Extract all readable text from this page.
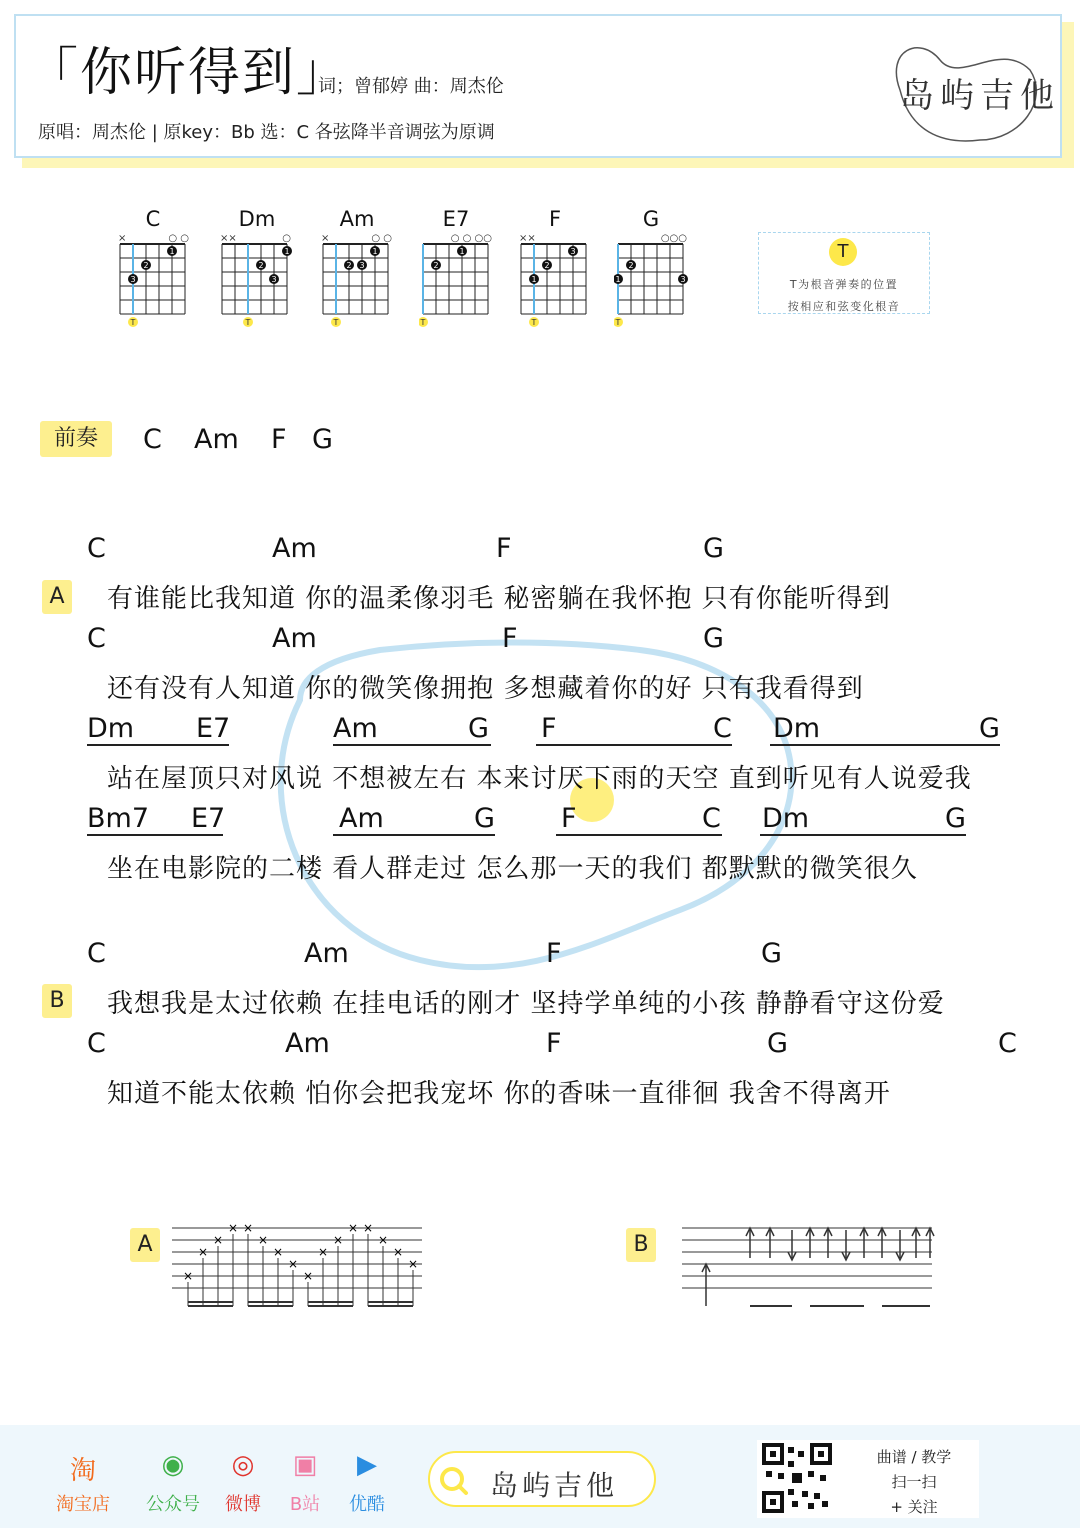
「你听得到」
词；曾郁婷 曲：周杰伦
原唱：周杰伦 | 原key：Bb 选：C 各弦降半音调弦为原调
岛屿吉他
C
1
2
3
×	○ ○
T
Dm
1
2
3
××	○
T
Am
1
2 3
×	○ ○
T
E7
1
2
○ ○ ○○
T
F
1
2
3
××
T
G
1
2
3
○○○
T
T
T为根音弹奏的位置
按相应和弦变化根音
前奏	C Am F G
A
C	Am	F	G
有谁能比我知道 你的温柔像羽毛 秘密躺在我怀抱 只有你能听得到
C	Am	F	G
还有没有人知道 你的微笑像拥抱 多想藏着你的好 只有我看得到
Dm E7	Am	G F	C Dm	G
站在屋顶只对风说 不想被左右 本来讨厌下雨的天空 直到听见有人说爱我
Bm7 E7	Am	G F	C Dm	G
坐在电影院的二楼 看人群走过 怎么那一天的我们 都默默的微笑很久
B
C	Am	F	G
我想我是太过依赖 在挂电话的刚才 坚持学单纯的小孩 静静看守这份爱
C	Am	F	G	C
知道不能太依赖 怕你会把我宠坏 你的香味一直徘徊 我舍不得离开
A
×
×
×
× ×
×
×
×
×
×
×
× ×
×
×
×
B
淘
淘宝店
◉
公众号
◎
微博
▣
B站
▶
优酷
岛屿吉他
曲谱 / 教学
扫一扫
+ 关注
